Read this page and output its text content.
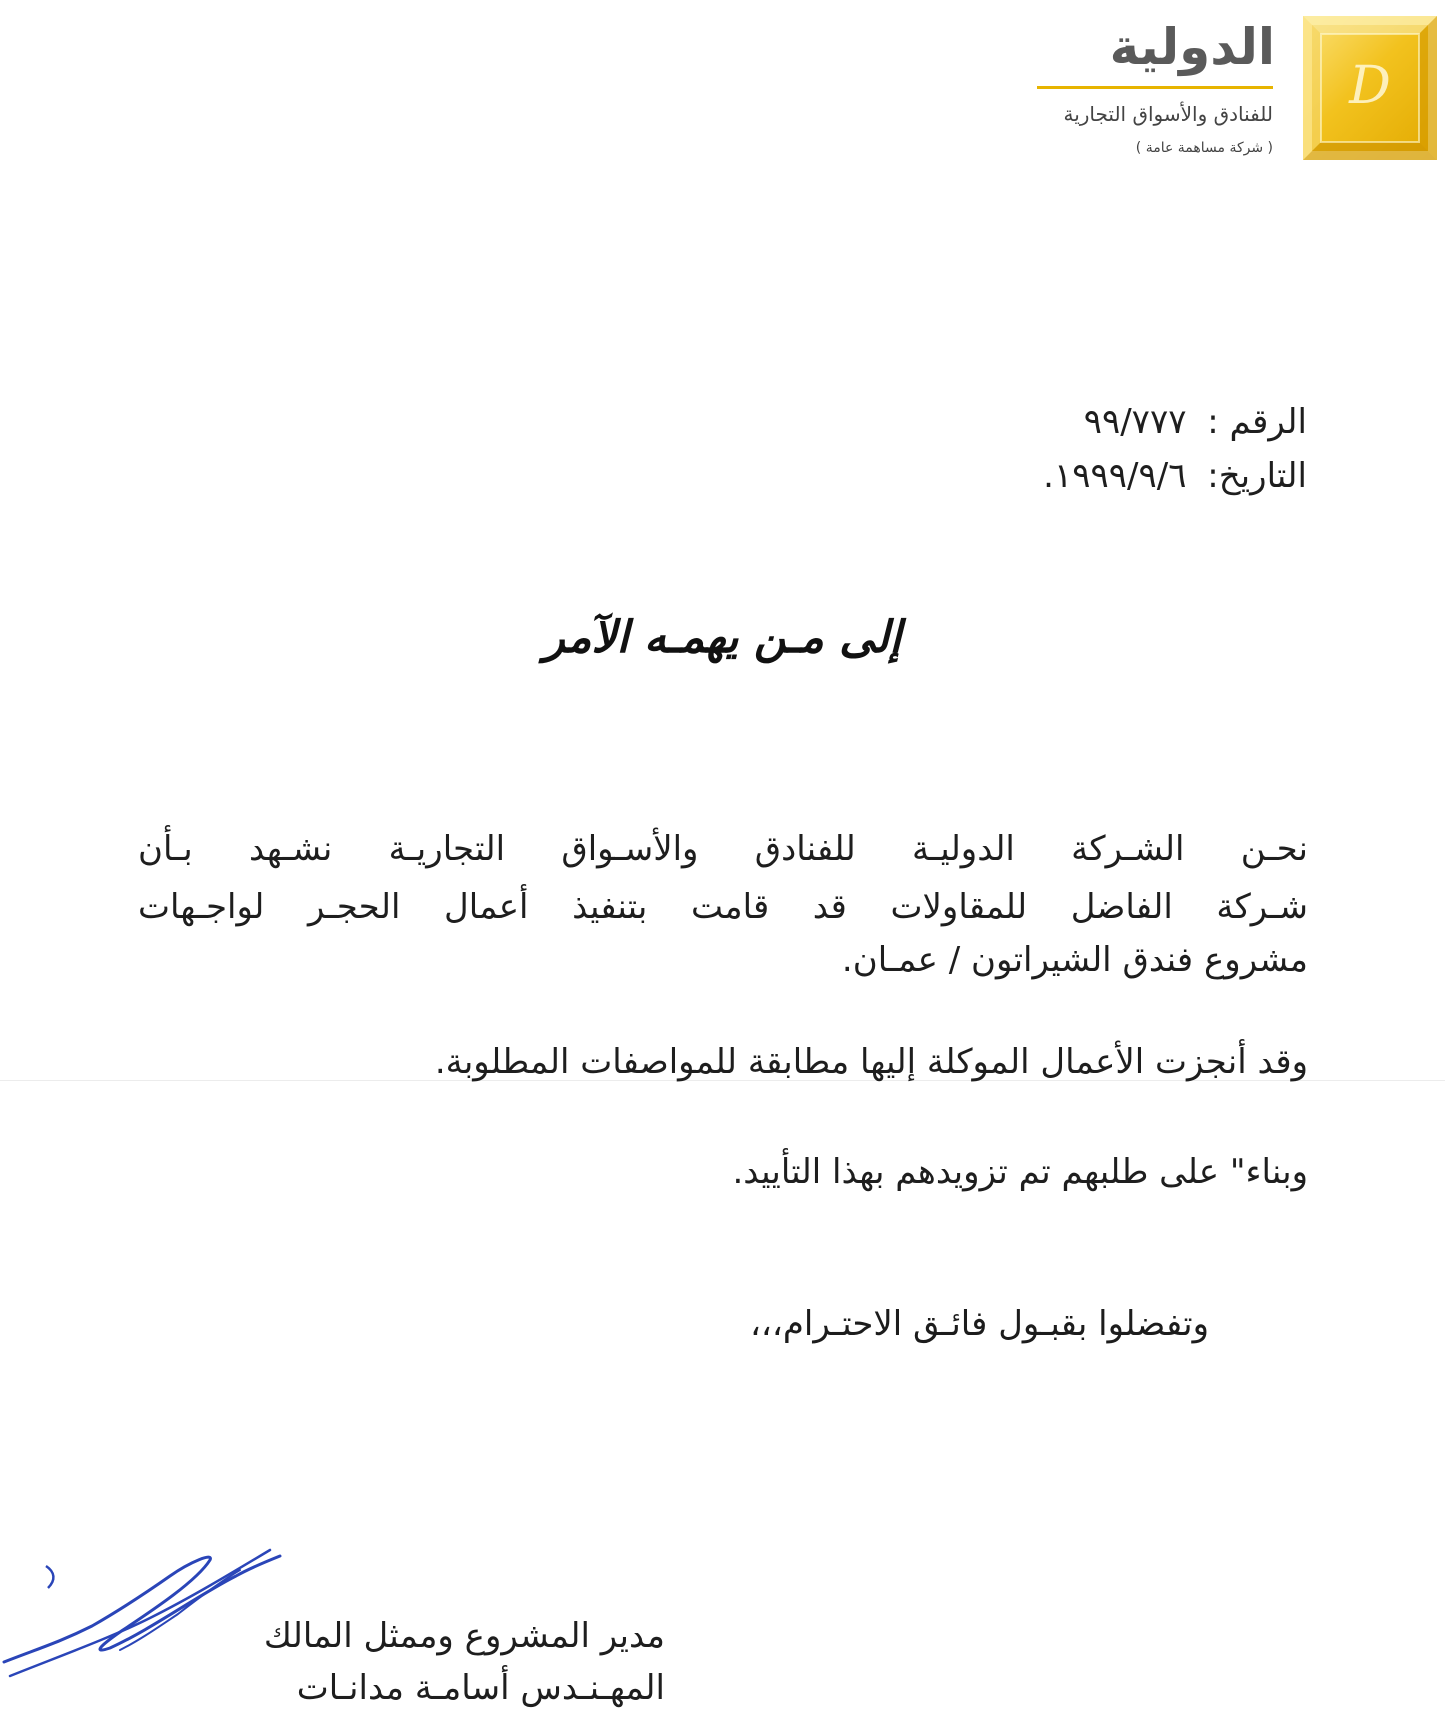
D
الدولية
للفنادق والأسواق التجارية
( شركة مساهمة عامة )
الرقم : ٩٩/٧٧٧
التاريخ: ١٩٩٩/٩/٦.
إلى مـن يهمـه الآمر
نحـن الشـركة الدوليـة للفنادق والأسـواق التجاريـة نشـهد بـأن
شـركة الفاضل للمقاولات قد قامت بتنفيذ أعمال الحجـر لواجـهات
مشروع فندق الشيراتون / عمـان.
وقد أنجزت الأعمال الموكلة إليها مطابقة للمواصفات المطلوبة.
وبناء" على طلبهم تم تزويدهم بهذا التأييد.
وتفضلوا بقبـول فائـق الاحتـرام،،،
مدير المشروع وممثل المالك
المهـنـدس أسامـة مدانـات
